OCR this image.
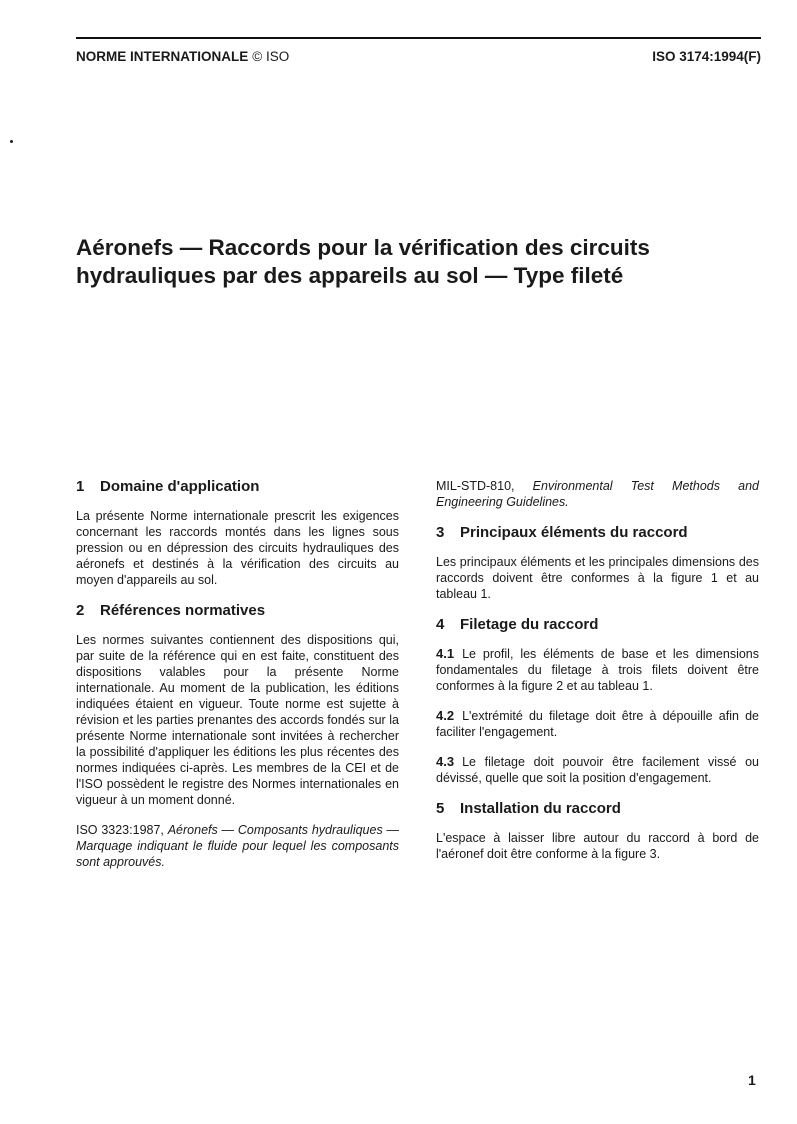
NORME INTERNATIONALE © ISO	ISO 3174:1994(F)
Aéronefs — Raccords pour la vérification des circuits hydrauliques par des appareils au sol — Type fileté
1 Domaine d'application

La présente Norme internationale prescrit les exigences concernant les raccords montés dans les lignes sous pression ou en dépression des circuits hydrauliques des aéronefs et destinés à la vérification des circuits au moyen d'appareils au sol.

2 Références normatives

Les normes suivantes contiennent des dispositions qui, par suite de la référence qui en est faite, constituent des dispositions valables pour la présente Norme internationale. Au moment de la publication, les éditions indiquées étaient en vigueur. Toute norme est sujette à révision et les parties prenantes des accords fondés sur la présente Norme internationale sont invitées à rechercher la possibilité d'appliquer les éditions les plus récentes des normes indiquées ci-après. Les membres de la CEI et de l'ISO possèdent le registre des Normes internationales en vigueur à un moment donné.

ISO 3323:1987, Aéronefs — Composants hydrauliques — Marquage indiquant le fluide pour lequel les composants sont approuvés.

MIL-STD-810, Environmental Test Methods and Engineering Guidelines.

3 Principaux éléments du raccord

Les principaux éléments et les principales dimensions des raccords doivent être conformes à la figure 1 et au tableau 1.

4 Filetage du raccord

4.1 Le profil, les éléments de base et les dimensions fondamentales du filetage à trois filets doivent être conformes à la figure 2 et au tableau 1.

4.2 L'extrémité du filetage doit être à dépouille afin de faciliter l'engagement.

4.3 Le filetage doit pouvoir être facilement vissé ou dévissé, quelle que soit la position d'engagement.

5 Installation du raccord

L'espace à laisser libre autour du raccord à bord de l'aéronef doit être conforme à la figure 3.

1
